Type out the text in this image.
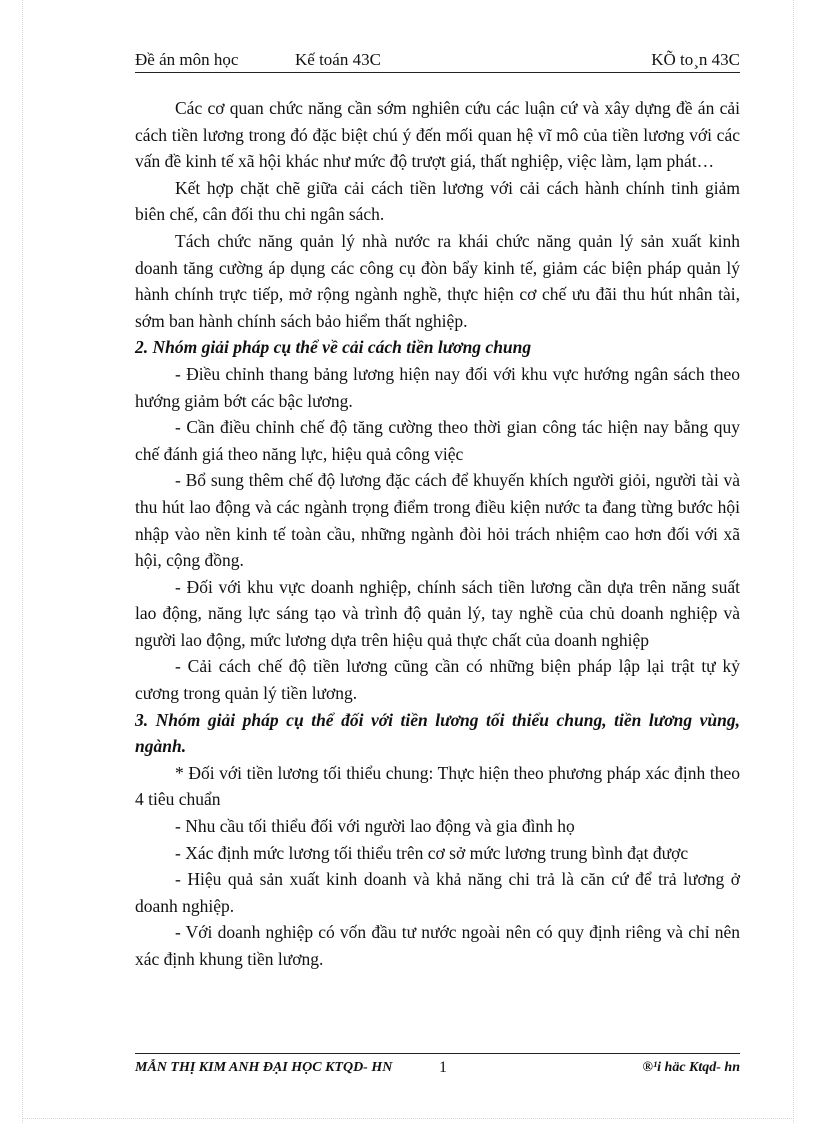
Đề án môn học	Kế toán 43C	KÕ to¸n 43C

Các cơ quan chức năng cần sớm nghiên cứu các luận cứ và xây dựng đề án cải cách tiền lương trong đó đặc biệt chú ý đến mối quan hệ vĩ mô của tiền lương với các vấn đề kinh tế xã hội khác như mức độ trượt giá, thất nghiệp, việc làm, lạm phát…

Kết hợp chặt chẽ giữa cải cách tiền lương với cải cách hành chính tinh giảm biên chế, cân đối thu chi ngân sách.

Tách chức năng quản lý nhà nước ra khái chức năng quản lý sản xuất kinh doanh tăng cường áp dụng các công cụ đòn bẩy kinh tế, giảm các biện pháp quản lý hành chính trực tiếp, mở rộng ngành nghề, thực hiện cơ chế ưu đãi thu hút nhân tài, sớm ban hành chính sách bảo hiểm thất nghiệp.

2. Nhóm giải pháp cụ thể về cải cách tiền lương chung

- Điều chỉnh thang bảng lương hiện nay đối với khu vực hướng ngân sách theo hướng giảm bớt các bậc lương.

- Cần điều chỉnh chế độ tăng cường theo thời gian công tác hiện nay bằng quy chế đánh giá theo năng lực, hiệu quả công việc

- Bổ sung thêm chế độ lương đặc cách để khuyến khích người giỏi, người tài và thu hút lao động và các ngành trọng điểm trong điều kiện nước ta đang từng bước hội nhập vào nền kinh tế toàn cầu, những ngành đòi hỏi trách nhiệm cao hơn đối với xã hội, cộng đồng.

- Đối với khu vực doanh nghiệp, chính sách tiền lương cần dựa trên năng suất lao động, năng lực sáng tạo và trình độ quản lý, tay nghề của chủ doanh nghiệp và người lao động, mức lương dựa trên hiệu quả thực chất của doanh nghiệp

- Cải cách chế độ tiền lương cũng cần có những biện pháp lập lại trật tự kỷ cương trong quản lý tiền lương.

3. Nhóm giải pháp cụ thể đối với tiền lương tối thiểu chung, tiền lương vùng, ngành.

* Đối với tiền lương tối thiểu chung: Thực hiện theo phương pháp xác định theo 4 tiêu chuẩn

- Nhu cầu tối thiểu đối với người lao động và gia đình họ

- Xác định mức lương tối thiểu trên cơ sở mức lương trung bình đạt được

- Hiệu quả sản xuất kinh doanh và khả năng chi trả là căn cứ để trả lương ở doanh nghiệp.

- Với doanh nghiệp có vốn đầu tư nước ngoài nên có quy định riêng và chỉ nên xác định khung tiền lương.

MẪN THỊ KIM ANH ĐẠI HỌC KTQD- HN	1	®¹i häc Ktqd- hn
